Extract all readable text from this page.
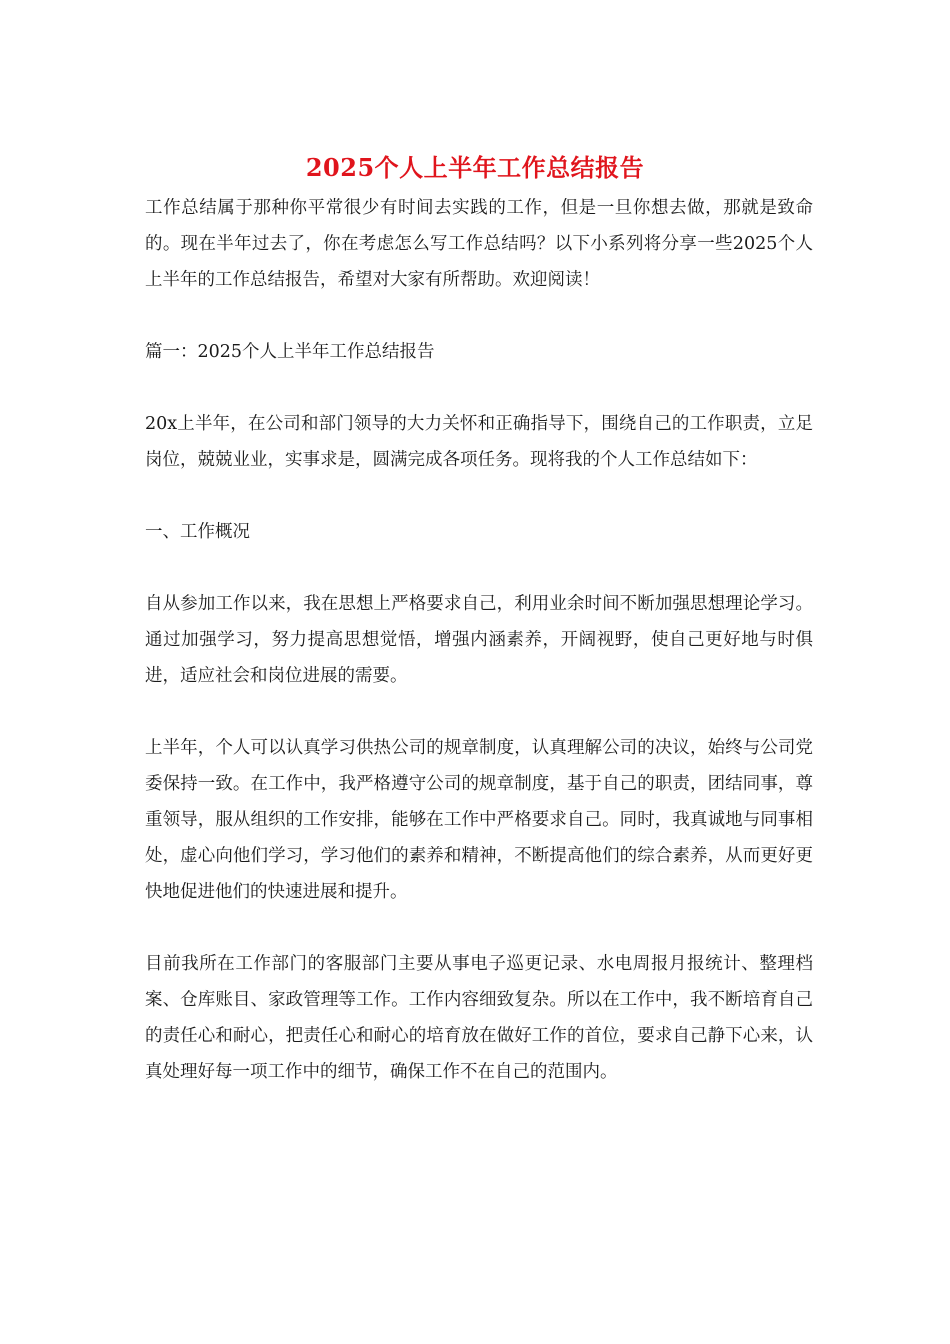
2025个人上半年工作总结报告

工作总结属于那种你平常很少有时间去实践的工作，但是一旦你想去做，那就是致命的。现在半年过去了，你在考虑怎么写工作总结吗？以下小系列将分享一些2025个人上半年的工作总结报告，希望对大家有所帮助。欢迎阅读！

篇一：2025个人上半年工作总结报告

20x上半年，在公司和部门领导的大力关怀和正确指导下，围绕自己的工作职责，立足岗位，兢兢业业，实事求是，圆满完成各项任务。现将我的个人工作总结如下：

一、工作概况

自从参加工作以来，我在思想上严格要求自己，利用业余时间不断加强思想理论学习。通过加强学习，努力提高思想觉悟，增强内涵素养，开阔视野，使自己更好地与时俱进，适应社会和岗位进展的需要。

上半年，个人可以认真学习供热公司的规章制度，认真理解公司的决议，始终与公司党委保持一致。在工作中，我严格遵守公司的规章制度，基于自己的职责，团结同事，尊重领导，服从组织的工作安排，能够在工作中严格要求自己。同时，我真诚地与同事相处，虚心向他们学习，学习他们的素养和精神，不断提高他们的综合素养，从而更好更快地促进他们的快速进展和提升。

目前我所在工作部门的客服部门主要从事电子巡更记录、水电周报月报统计、整理档案、仓库账目、家政管理等工作。工作内容细致复杂。所以在工作中，我不断培育自己的责任心和耐心，把责任心和耐心的培育放在做好工作的首位，要求自己静下心来，认真处理好每一项工作中的细节，确保工作不在自己的范围内。
